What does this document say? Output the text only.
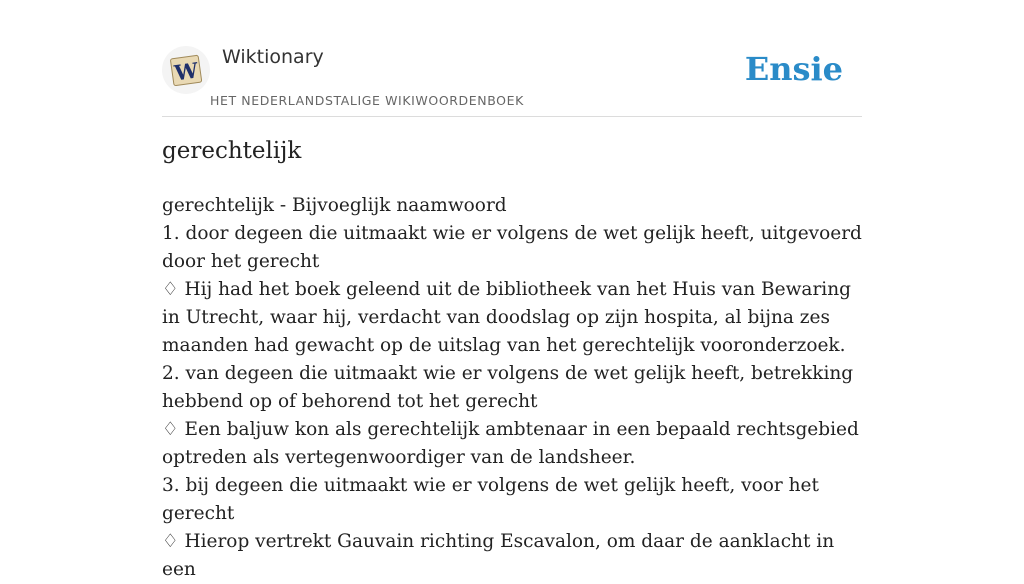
W
Wiktionary
HET NEDERLANDSTALIGE WIKIWOORDENBOEK
Ensie
gerechtelijk
gerechtelijk - Bijvoeglijk naamwoord
1. door degeen die uitmaakt wie er volgens de wet gelijk heeft, uitgevoerd door het gerecht
♢ Hij had het boek geleend uit de bibliotheek van het Huis van Bewaring in Utrecht, waar hij, verdacht van doodslag op zijn hospita, al bijna zes maanden had gewacht op de uitslag van het gerechtelijk vooronderzoek.
2. van degeen die uitmaakt wie er volgens de wet gelijk heeft, betrekking hebbend op of behorend tot het gerecht
♢ Een baljuw kon als gerechtelijk ambtenaar in een bepaald rechtsgebied optreden als vertegenwoordiger van de landsheer.
3. bij degeen die uitmaakt wie er volgens de wet gelijk heeft, voor het gerecht
♢ Hierop vertrekt Gauvain richting Escavalon, om daar de aanklacht in een
